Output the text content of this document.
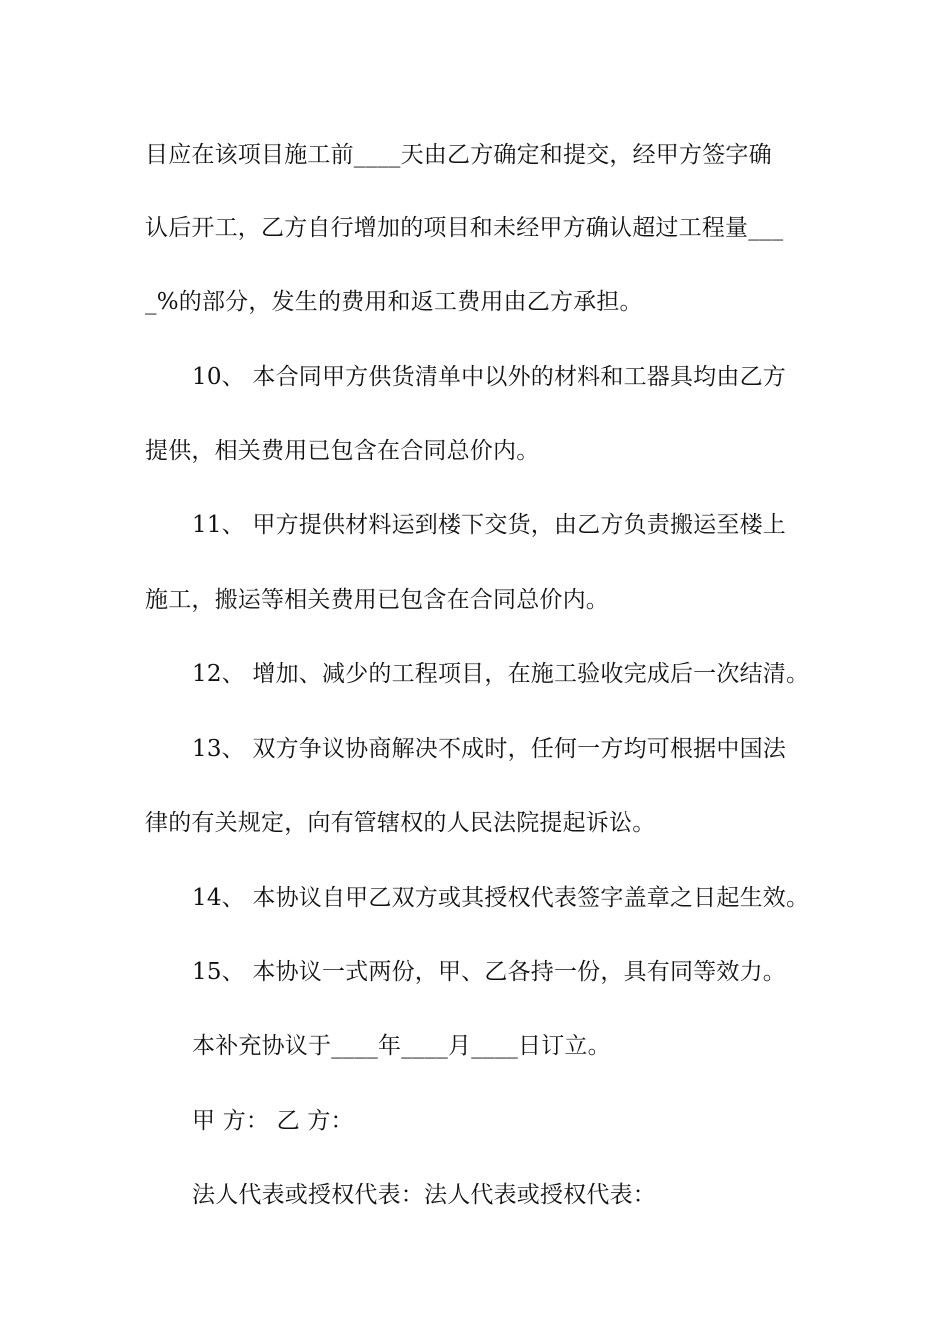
目应在该项目施工前____天由乙方确定和提交，经甲方签字确
认后开工，乙方自行增加的项目和未经甲方确认超过工程量___
_%的部分，发生的费用和返工费用由乙方承担。
10、 本合同甲方供货清单中以外的材料和工器具均由乙方
提供，相关费用已包含在合同总价内。
11、 甲方提供材料运到楼下交货，由乙方负责搬运至楼上
施工，搬运等相关费用已包含在合同总价内。
12、 增加、减少的工程项目，在施工验收完成后一次结清。
13、 双方争议协商解决不成时，任何一方均可根据中国法
律的有关规定，向有管辖权的人民法院提起诉讼。
14、 本协议自甲乙双方或其授权代表签字盖章之日起生效。
15、 本协议一式两份，甲、乙各持一份，具有同等效力。
本补充协议于____年____月____日订立。
甲 方： 乙 方：
法人代表或授权代表：法人代表或授权代表：
